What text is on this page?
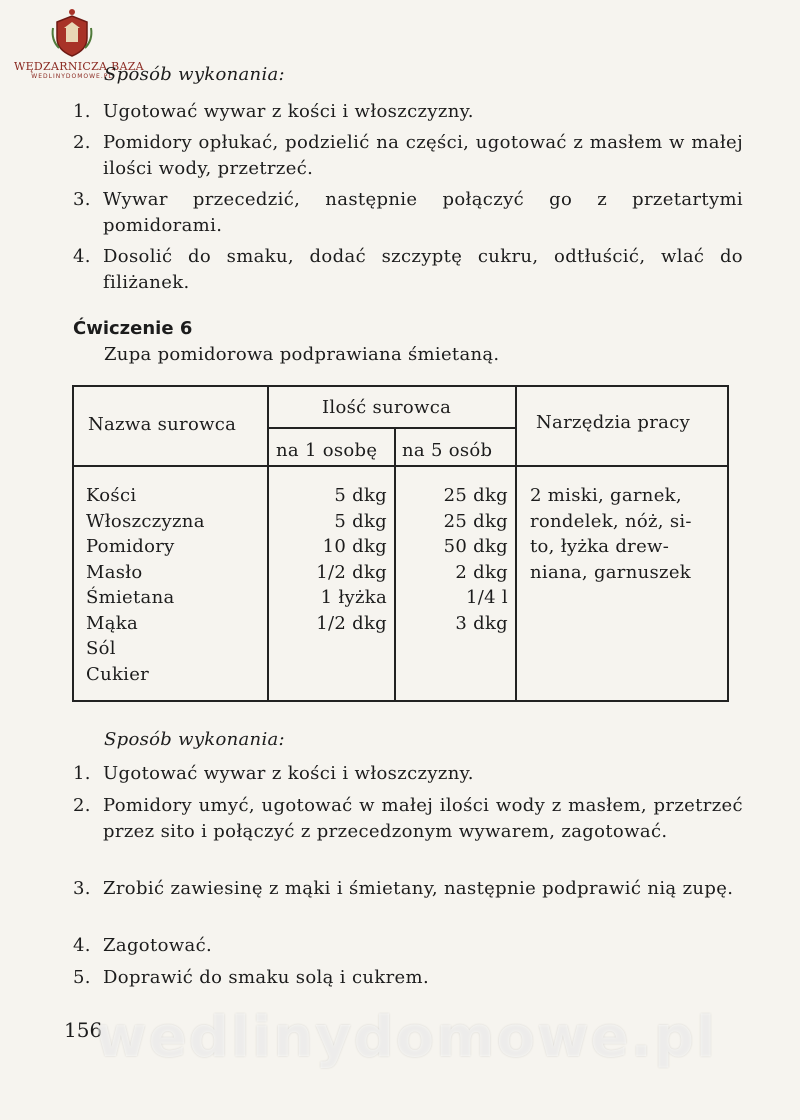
WĘDZARNICZA BAZA
WEDLINYDOMOWE.PL
Sposób wykonania:
1. Ugotować wywar z kości i włoszczyzny.
2. Pomidory opłukać, podzielić na części, ugotować z masłem w małej ilości wody, przetrzeć.
3. Wywar przecedzić, następnie połączyć go z przetartymi pomidorami.
4. Dosolić do smaku, dodać szczyptę cukru, odtłuścić, wlać do filiżanek.
Ćwiczenie 6
Zupa pomidorowa podprawiana śmietaną.
Nazwa surowca
Ilość surowca
na 1 osobę na 5 osób
Narzędzia pracy
Kości
Włoszczyzna
Pomidory
Masło
Śmietana
Mąka
Sól
Cukier
5 dkg
5 dkg
10 dkg
1/2 dkg
1 łyżka
1/2 dkg
25 dkg
25 dkg
50 dkg
2 dkg
1/4 l
3 dkg
2 miski, garnek,
rondelek, nóż, si-
to, łyżka drew-
niana, garnuszek
Sposób wykonania:
1. Ugotować wywar z kości i włoszczyzny.
2. Pomidory umyć, ugotować w małej ilości wody z masłem, przetrzeć przez sito i połączyć z przecedzonym wywarem, zagotować.
3. Zrobić zawiesinę z mąki i śmietany, następnie podprawić nią zupę.
4. Zagotować.
5. Doprawić do smaku solą i cukrem.
156
wedlinydomowe.pl
